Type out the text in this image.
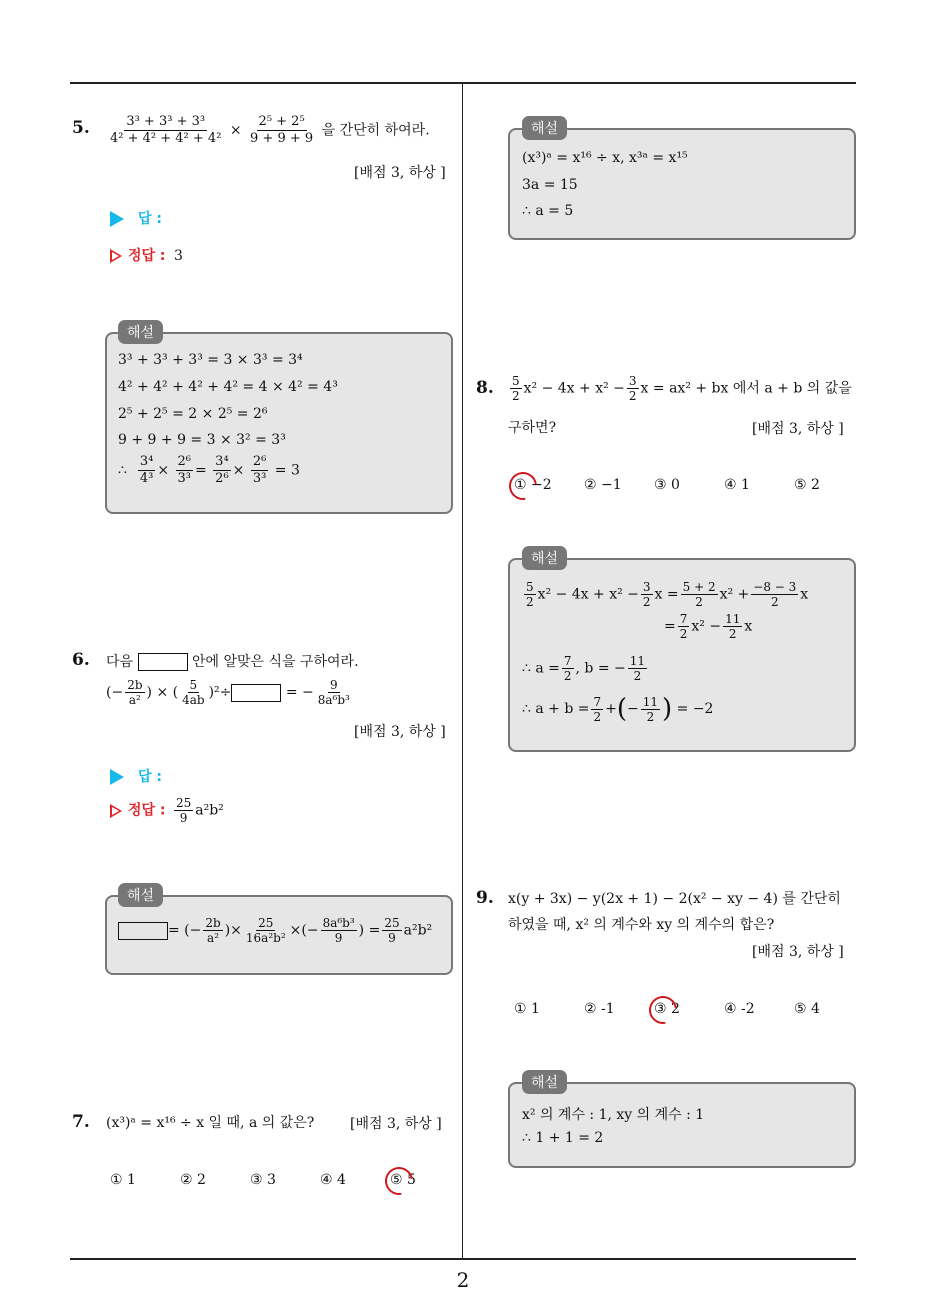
2
5. $\frac{\text{3³ + 3³ + 3³}}{\text{4² + 4² + 4² + 4²}} \times \frac{\text{2⁵ + 2⁵}}{9 + 9 + 9}$ 을 간단히 하여라.
[배점 3, 하상 ]
답 :
정답 : 3
해설
3³ + 3³ + 3³ = 3 × 3³ = 3⁴
4² + 4² + 4² + 4² = 4 × 4² = 4³
2⁵ + 2⁵ = 2 × 2⁵ = 2⁶
9 + 9 + 9 = 3 × 3² = 3³
∴ $\frac{\text{3⁴}}{\text{4³}} \times \frac{\text{2⁶}}{\text{3³}} = \frac{\text{3⁴}}{\text{2⁶}} \times \frac{\text{2⁶}}{\text{3³}} = 3$
6. 다음	안에 알맞은 식을 구하여라.
(− $\frac{2b}{\text{a²}}$ ) × ( $\frac{5}{4ab} )^2\div$	= − $\frac{9}{\text{8a⁶b³}}$
[배점 3, 하상 ]
답 :
정답 : $\frac{25}{9} a^2b^2$
해설
= (− $\frac{2b}{\text{a²}}$ )× $\frac{25}{\text{16a²b²}}$ ×(− $\frac{\text{8a⁶b³}}{9}$ ) = $\frac{25}{9} a^2b^2$
7. (x³)ᵃ = x¹⁶ ÷ x 일 때, a 의 값은?	[배점 3, 하상 ]
① 1	② 2	③ 3	④ 4	⑤ 5
해설
(x³)ᵃ = x¹⁶ ÷ x, x³ᵃ = x¹⁵
3a = 15
∴ a = 5
8. $\frac{5}{2} x^2 - 4x + x^2 - \frac{3}{2}$ x = ax² + bx 에서 a + b 의 값을
구하면?	[배점 3, 하상 ]
① −2 ② −1 ③ 0	④ 1	⑤ 2
해설
$\frac{5}{2} x^2 - 4x + x^2 - \frac{3}{2}$ $x = \frac{5 + 2}{2} x^2 + \frac{-8 - 3}{2}$ x
= $\frac{7}{2} x^2 - \frac{11}{2}$ x
∴ $a = \frac{7}{2}$ , b = − $\frac{11}{2}$
∴ $a + b = \frac{7}{2}$ +(− $\frac{11}{2}$ ) = −2
9. x(y + 3x) − y(2x + 1) − 2(x² − xy − 4) 를 간단히
하였을 때, x² 의 계수와 xy 의 계수의 합은?
[배점 3, 하상 ]
① 1	② -1	③ 2	④ -2	⑤ 4
해설
x² 의 계수 : 1, xy 의 계수 : 1
∴ 1 + 1 = 2
